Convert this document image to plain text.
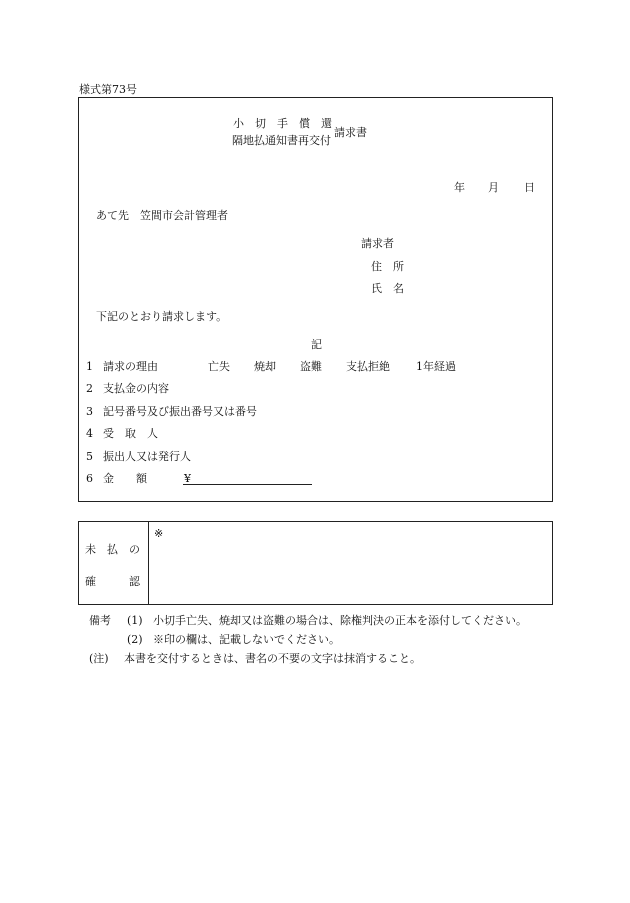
様式第73号
小　切　手　償　還
隔地払通知書再交付
請求書
年 月 日
あて先　笠間市会計管理者
請求者
住　所
氏　名
下記のとおり請求します。
記
1 請求の理由	亡失 焼却 盗難 支払拒絶 1年経過
2 支払金の内容
3 記号番号及び振出番号又は番号
4 受　取　人
5 振出人又は発行人
6 金　　額	¥
未　払　の
確　　　認
※
備考 (1) 小切手亡失、焼却又は盗難の場合は、除権判決の正本を添付してください。
(2) ※印の欄は、記載しないでください。
(注) 本書を交付するときは、書名の不要の文字は抹消すること。
